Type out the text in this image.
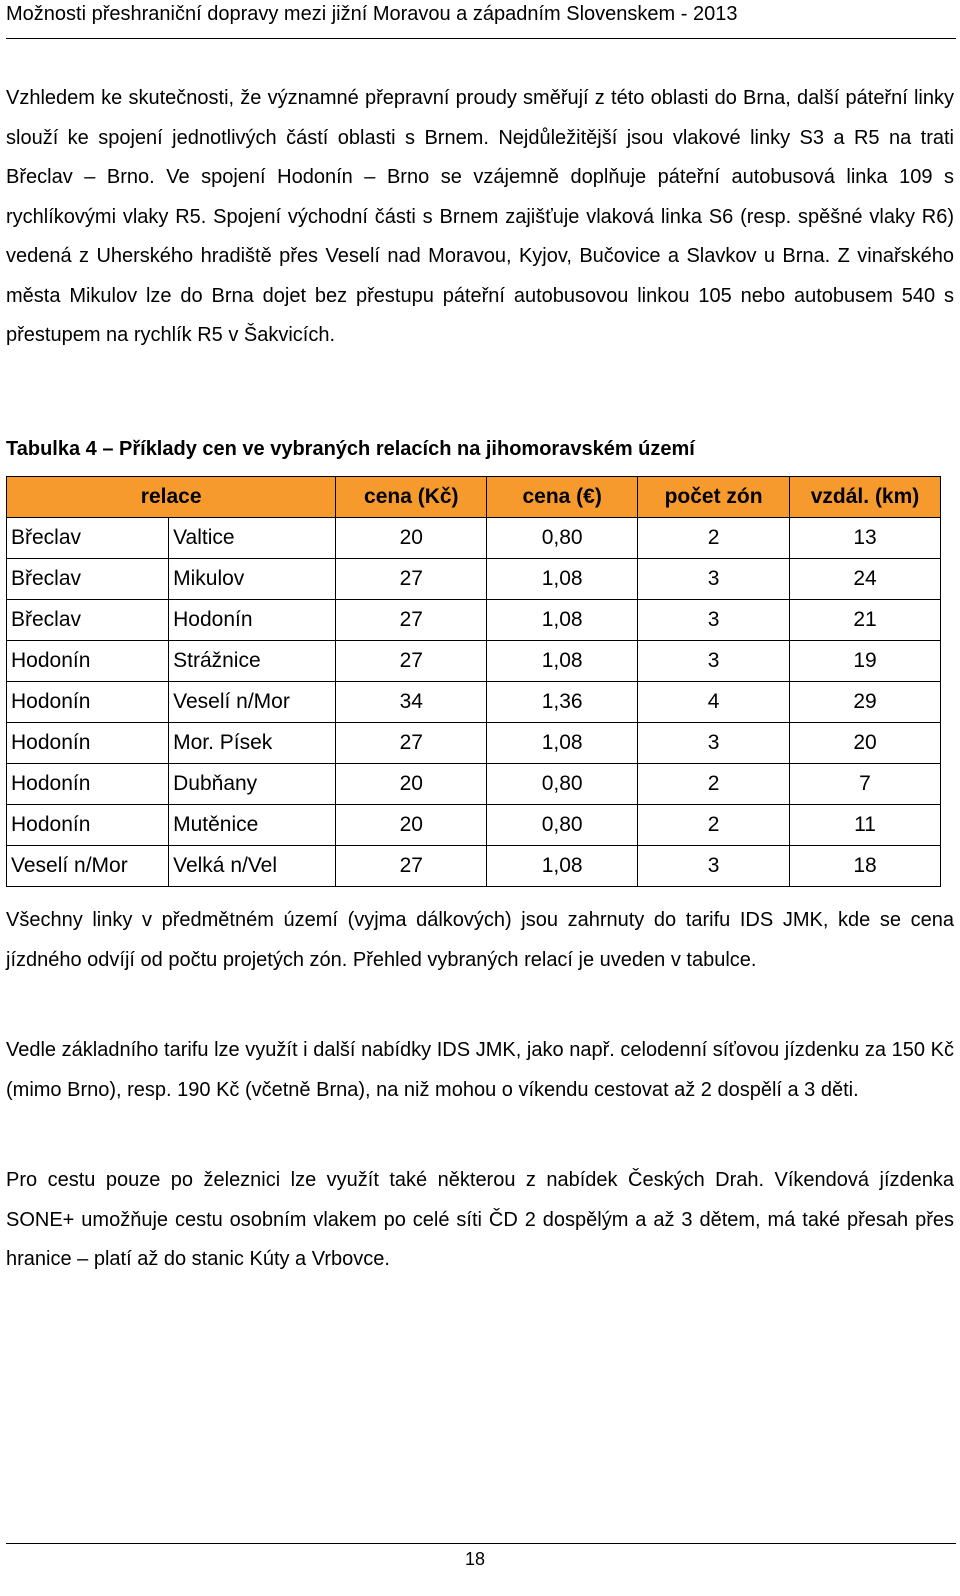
Možnosti přeshraniční dopravy mezi jižní Moravou a západním Slovenskem - 2013

Vzhledem ke skutečnosti, že významné přepravní proudy směřují z této oblasti do Brna, další páteřní linky slouží ke spojení jednotlivých částí oblasti s Brnem. Nejdůležitější jsou vlakové linky S3 a R5 na trati Břeclav – Brno. Ve spojení Hodonín – Brno se vzájemně doplňuje páteřní autobusová linka 109 s rychlíkovými vlaky R5. Spojení východní části s Brnem zajišťuje vlaková linka S6 (resp. spěšné vlaky R6) vedená z Uherského hradiště přes Veselí nad Moravou, Kyjov, Bučovice a Slavkov u Brna. Z vinařského města Mikulov lze do Brna dojet bez přestupu páteřní autobusovou linkou 105 nebo autobusem 540 s přestupem na rychlík R5 v Šakvicích.

Tabulka 4 – Příklady cen ve vybraných relacích na jihomoravském území
relace		cena (Kč)	cena (€)	počet zón	vzdál. (km)
Břeclav	Valtice	20	0,80	2	13
Břeclav	Mikulov	27	1,08	3	24
Břeclav	Hodonín	27	1,08	3	21
Hodonín	Strážnice	27	1,08	3	19
Hodonín	Veselí n/Mor	34	1,36	4	29
Hodonín	Mor. Písek	27	1,08	3	20
Hodonín	Dubňany	20	0,80	2	7
Hodonín	Mutěnice	20	0,80	2	11
Veselí n/Mor	Velká n/Vel	27	1,08	3	18

Všechny linky v předmětném území (vyjma dálkových) jsou zahrnuty do tarifu IDS JMK, kde se cena jízdného odvíjí od počtu projetých zón. Přehled vybraných relací je uveden v tabulce.

Vedle základního tarifu lze využít i další nabídky IDS JMK, jako např. celodenní síťovou jízdenku za 150 Kč (mimo Brno), resp. 190 Kč (včetně Brna), na niž mohou o víkendu cestovat až 2 dospělí a 3 děti.

Pro cestu pouze po železnici lze využít také některou z nabídek Českých Drah. Víkendová jízdenka SONE+ umožňuje cestu osobním vlakem po celé síti ČD 2 dospělým a až 3 dětem, má také přesah přes hranice – platí až do stanic Kúty a Vrbovce.

18
